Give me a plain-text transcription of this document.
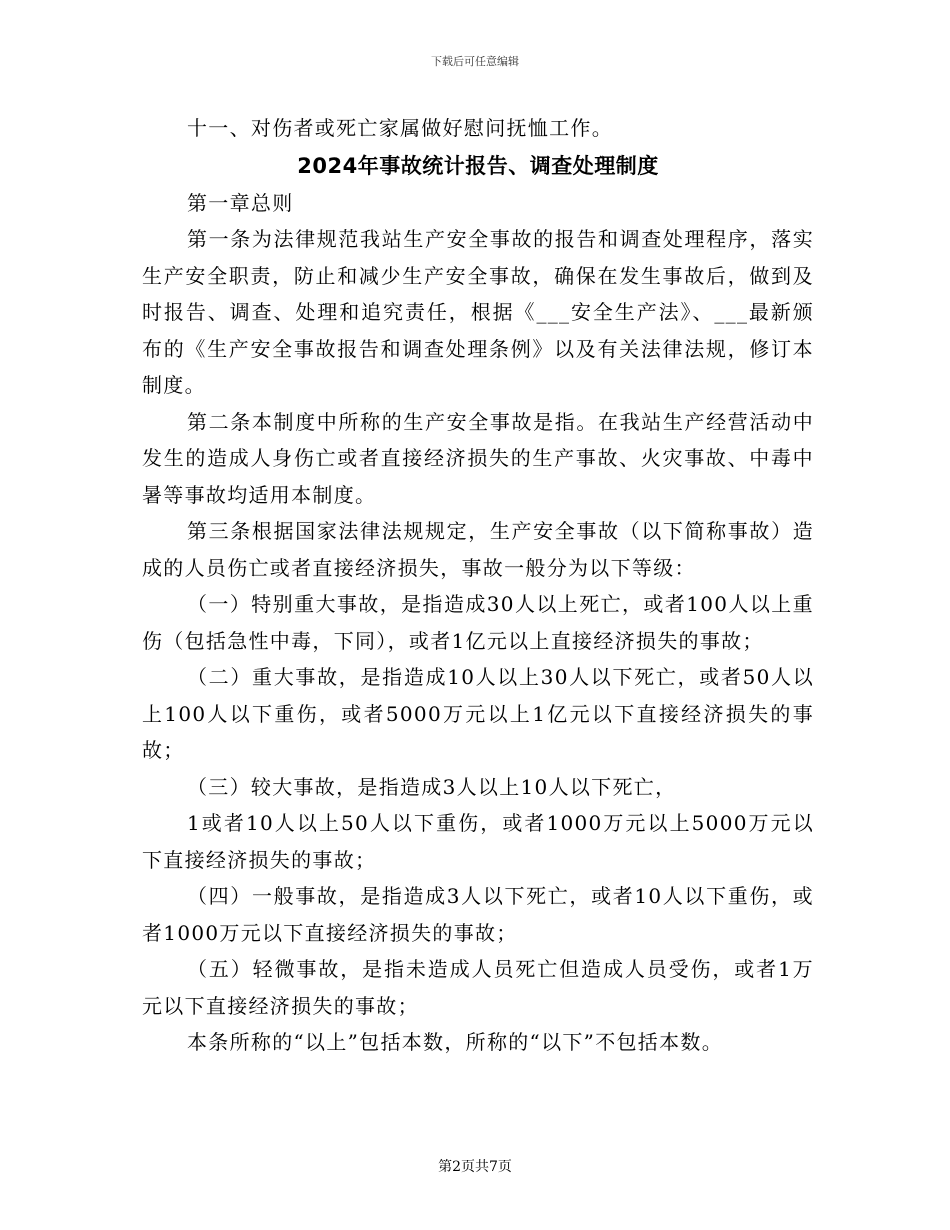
下载后可任意编辑

十一、对伤者或死亡家属做好慰问抚恤工作。

2024年事故统计报告、调查处理制度

第一章总则

第一条为法律规范我站生产安全事故的报告和调查处理程序，落实生产安全职责，防止和减少生产安全事故，确保在发生事故后，做到及时报告、调查、处理和追究责任，根据《___安全生产法》、___最新颁布的《生产安全事故报告和调查处理条例》以及有关法律法规，修订本制度。

第二条本制度中所称的生产安全事故是指。在我站生产经营活动中发生的造成人身伤亡或者直接经济损失的生产事故、火灾事故、中毒中暑等事故均适用本制度。

第三条根据国家法律法规规定，生产安全事故（以下简称事故）造成的人员伤亡或者直接经济损失，事故一般分为以下等级：

（一）特别重大事故，是指造成30人以上死亡，或者100人以上重伤（包括急性中毒，下同），或者1亿元以上直接经济损失的事故；

（二）重大事故，是指造成10人以上30人以下死亡，或者50人以上100人以下重伤，或者5000万元以上1亿元以下直接经济损失的事故；

（三）较大事故，是指造成3人以上10人以下死亡，

1或者10人以上50人以下重伤，或者1000万元以上5000万元以下直接经济损失的事故；

（四）一般事故，是指造成3人以下死亡，或者10人以下重伤，或者1000万元以下直接经济损失的事故；

（五）轻微事故，是指未造成人员死亡但造成人员受伤，或者1万元以下直接经济损失的事故；

本条所称的“以上”包括本数，所称的“以下”不包括本数。

第2页共7页
